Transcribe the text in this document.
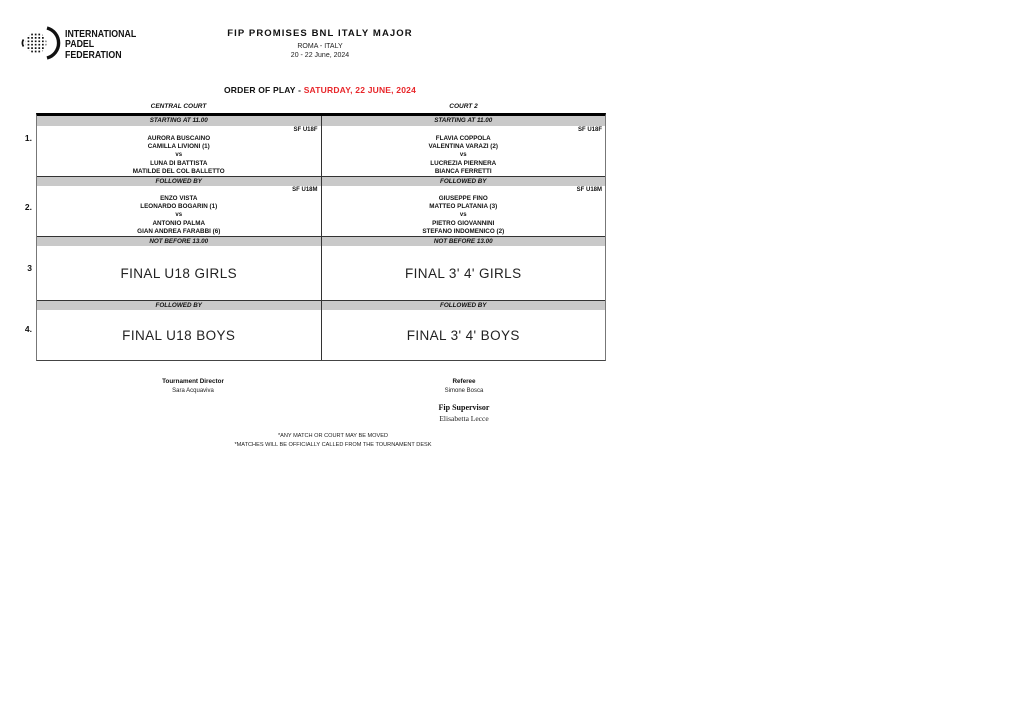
INTERNATIONAL
PADEL
FEDERATION
FIP PROMISES BNL ITALY MAJOR
ROMA - ITALY
20 - 22 June, 2024
ORDER OF PLAY - SATURDAY, 22 JUNE, 2024
CENTRAL COURT	COURT 2
1.
2.
3
4.
STARTING AT 11.00
SF U18F
AURORA BUSCAINO
CAMILLA LIVIONI (1)
vs
LUNA DI BATTISTA
MATILDE DEL COL BALLETTO
FOLLOWED BY
SF U18M
ENZO VISTA
LEONARDO BOGARIN (1)
vs
ANTONIO PALMA
GIAN ANDREA FARABBI (6)
NOT BEFORE 13.00
FINAL U18 GIRLS
FOLLOWED BY
FINAL U18 BOYS
STARTING AT 11.00
SF U18F
FLAVIA COPPOLA
VALENTINA VARAZI (2)
vs
LUCREZIA PIERNERA
BIANCA FERRETTI
FOLLOWED BY
SF U18M
GIUSEPPE FINO
MATTEO PLATANIA (3)
vs
PIETRO GIOVANNINI
STEFANO INDOMENICO (2)
NOT BEFORE 13.00
FINAL 3' 4' GIRLS
FOLLOWED BY
FINAL 3' 4' BOYS
Tournament Director
Sara Acquaviva
Referee
Simone Bosca
Fip Supervisor
Elisabetta Lecce
*ANY MATCH OR COURT MAY BE MOVED
*MATCHES WILL BE OFFICIALLY CALLED FROM THE TOURNAMENT DESK
